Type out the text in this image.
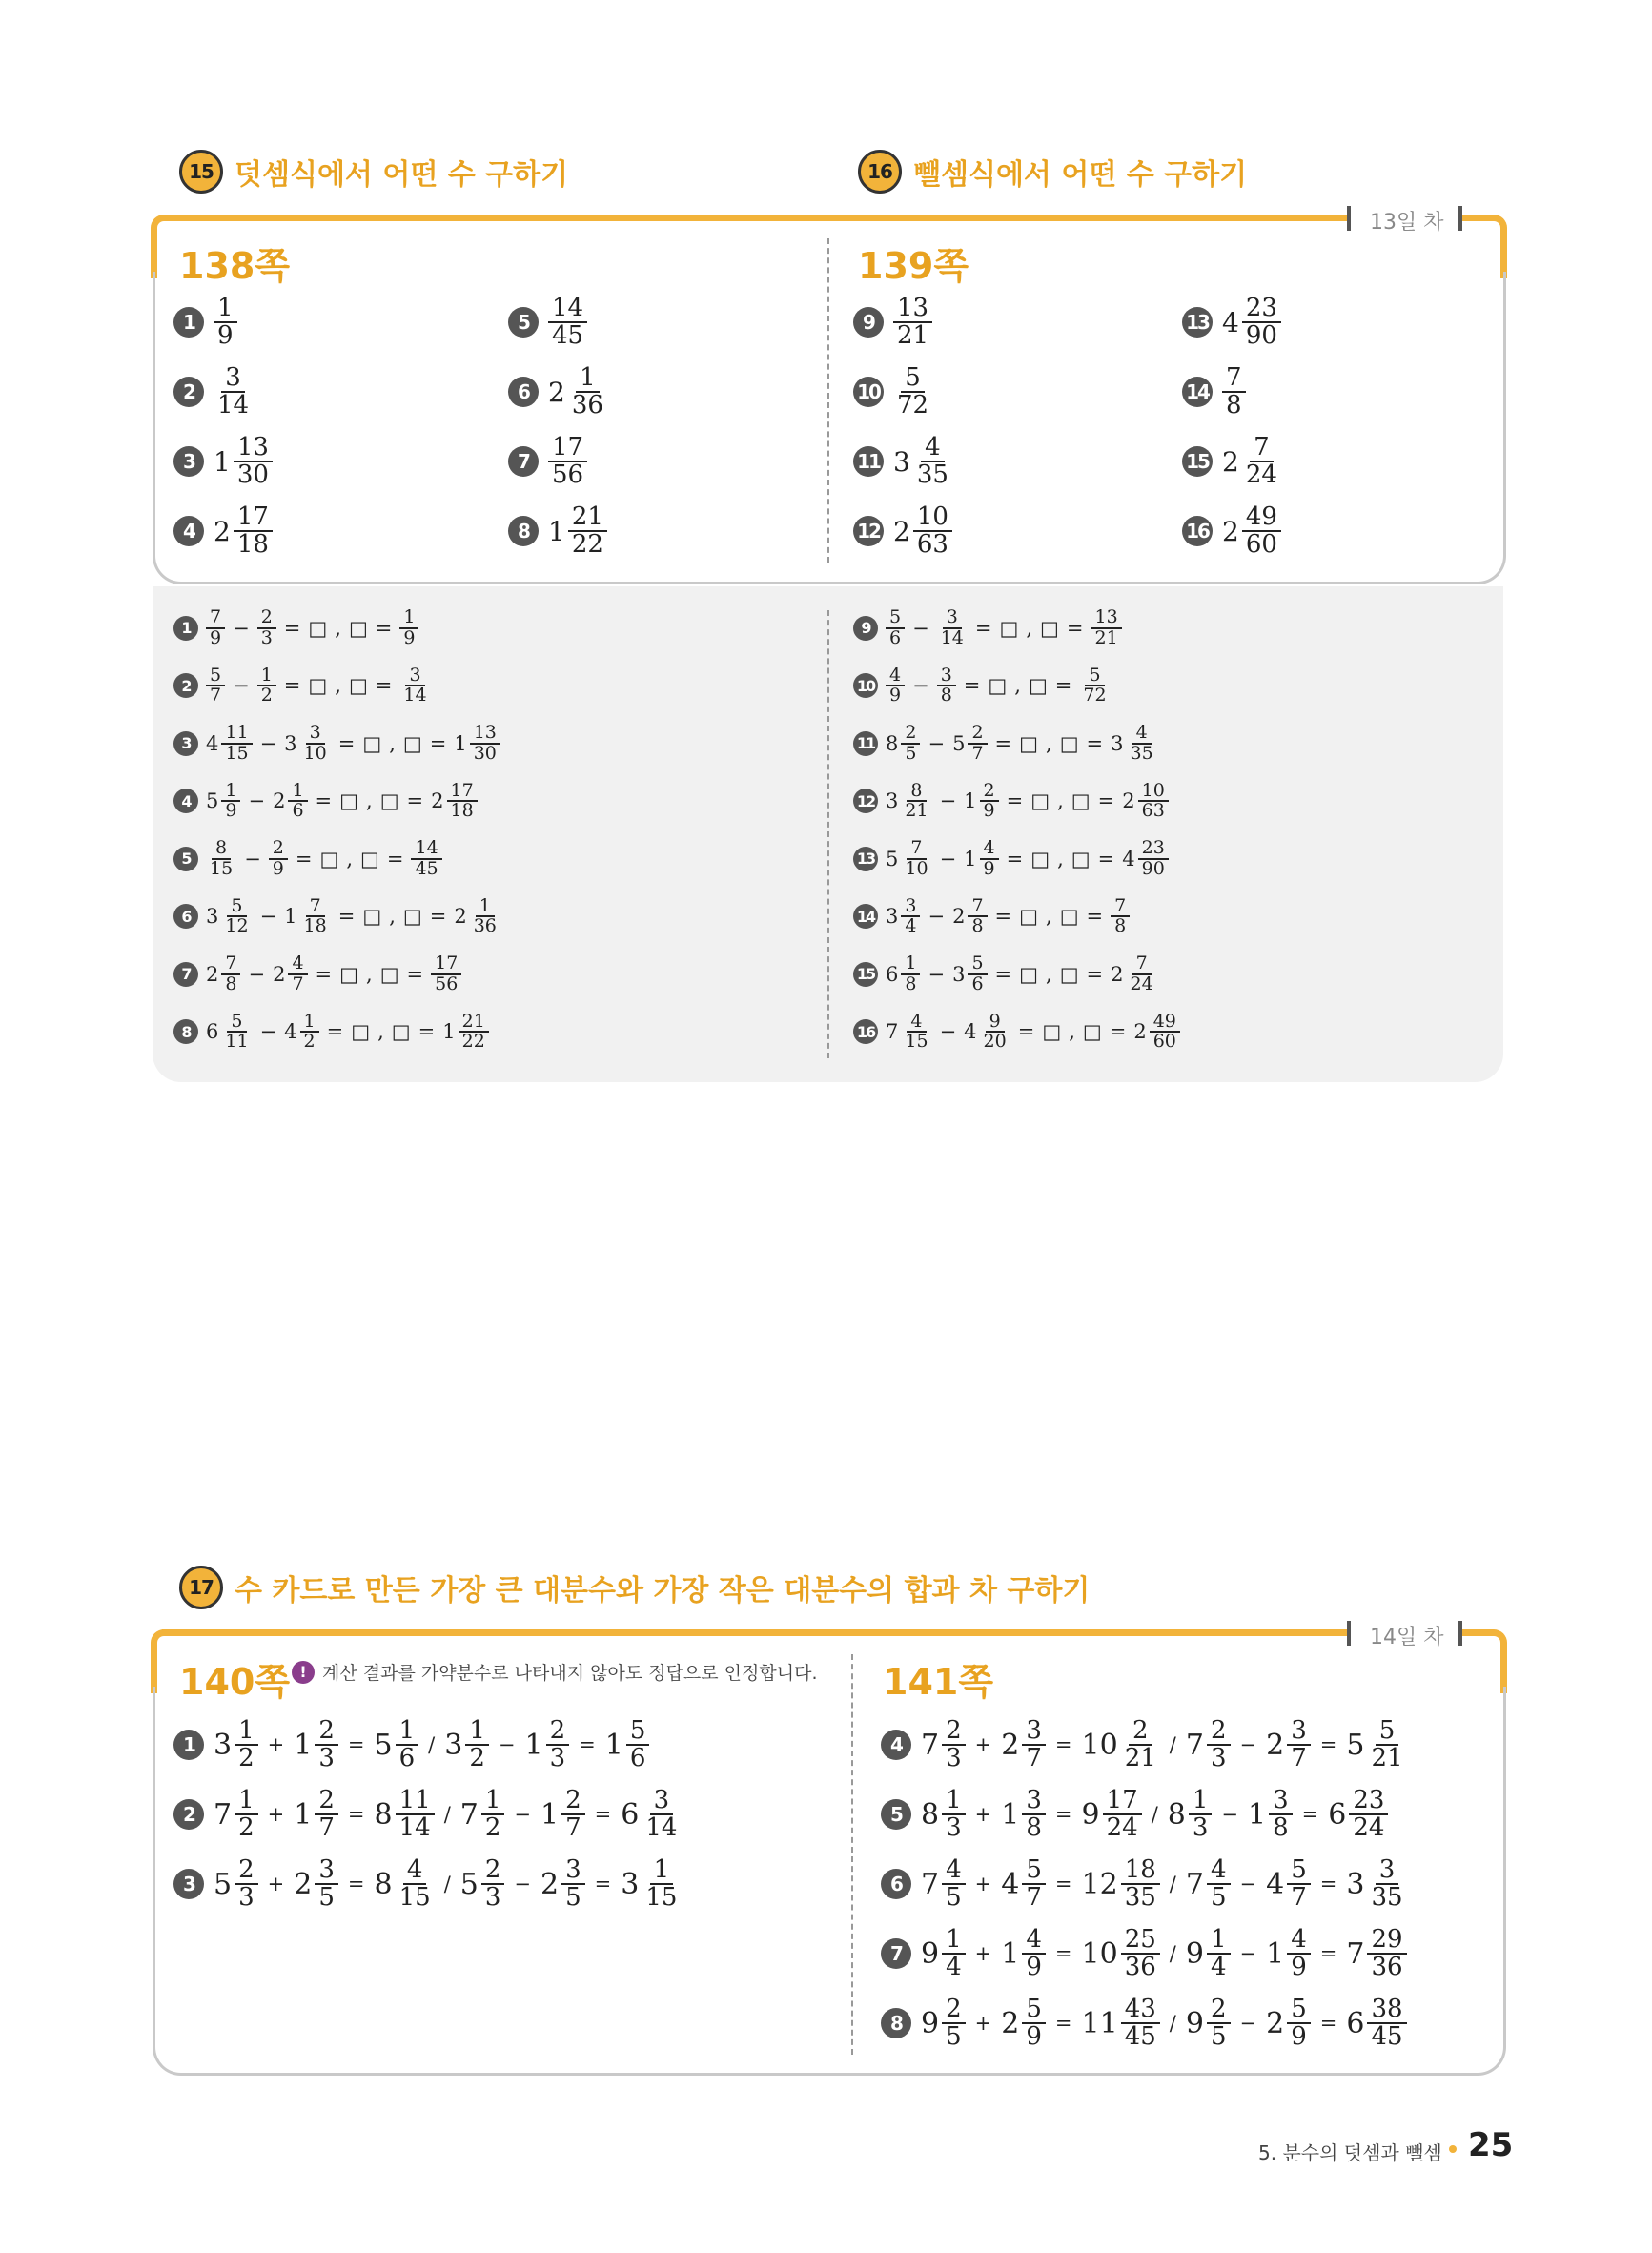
15 덧셈식에서 어떤 수 구하기	16 뺄셈식에서 어떤 수 구하기
13일 차
138쪽	139쪽
$1 \frac{1}{9}$
$2 \frac{3}{14}$
3 $1 \frac{13}{30}$
4 $2 \frac{17}{18}$
$5 \frac{14}{45}$
6 $2 \frac{1}{36}$
$7 \frac{17}{56}$
8 $1 \frac{21}{22}$
$9 \frac{13}{21}$
$10 \frac{5}{72}$
11 $3 \frac{4}{35}$
12 $2 \frac{10}{63}$
13 $4 \frac{23}{90}$
$14 \frac{7}{8}$
15 $2 \frac{7}{24}$
16 $2 \frac{49}{60}$
$1 \frac{7}{9} - \frac{2}{3}$ = □ , □ = $\frac{1}{9}$
$2 \frac{5}{7} - \frac{1}{2}$ = □ , □ = $\frac{3}{14}$
3 $4 \frac{11}{15} - 3 \frac{3}{10}$ = □ , □ = $1 \frac{13}{30}$
4 $5 \frac{1}{9} - 2 \frac{1}{6}$ = □ , □ = $2 \frac{17}{18}$
$5 \frac{8}{15} - \frac{2}{9}$ = □ , □ = $\frac{14}{45}$
6 $3 \frac{5}{12} - 1 \frac{7}{18}$ = □ , □ = $2 \frac{1}{36}$
7 $2 \frac{7}{8} - 2 \frac{4}{7}$ = □ , □ = $\frac{17}{56}$
8 $6 \frac{5}{11} - 4 \frac{1}{2}$ = □ , □ = $1 \frac{21}{22}$
$9 \frac{5}{6} - \frac{3}{14}$ = □ , □ = $\frac{13}{21}$
$10 \frac{4}{9} - \frac{3}{8}$ = □ , □ = $\frac{5}{72}$
11 $8 \frac{2}{5} - 5 \frac{2}{7}$ = □ , □ = $3 \frac{4}{35}$
12 $3 \frac{8}{21} - 1 \frac{2}{9}$ = □ , □ = $2 \frac{10}{63}$
13 $5 \frac{7}{10} - 1 \frac{4}{9}$ = □ , □ = $4 \frac{23}{90}$
14 $3 \frac{3}{4} - 2 \frac{7}{8}$ = □ , □ = $\frac{7}{8}$
15 $6 \frac{1}{8} - 3 \frac{5}{6}$ = □ , □ = $2 \frac{7}{24}$
16 $7 \frac{4}{15} - 4 \frac{9}{20}$ = □ , □ = $2 \frac{49}{60}$
17 수 카드로 만든 가장 큰 대분수와 가장 작은 대분수의 합과 차 구하기
14일 차
140쪽 ! 계산 결과를 가약분수로 나타내지 않아도 정답으로 인정합니다. 141쪽
1 $3 \frac{1}{2} + 1 \frac{2}{3} = 5 \frac{1}{6} / 3 \frac{1}{2} - 1 \frac{2}{3} = 1 \frac{5}{6}$
2 $7 \frac{1}{2} + 1 \frac{2}{7} = 8 \frac{11}{14} / 7 \frac{1}{2} - 1 \frac{2}{7} = 6 \frac{3}{14}$
3 $5 \frac{2}{3} + 2 \frac{3}{5} = 8 \frac{4}{15} / 5 \frac{2}{3} - 2 \frac{3}{5} = 3 \frac{1}{15}$
4 $7 \frac{2}{3} + 2 \frac{3}{7} = 10 \frac{2}{21} / 7 \frac{2}{3} - 2 \frac{3}{7} = 5 \frac{5}{21}$
5 $8 \frac{1}{3} + 1 \frac{3}{8} = 9 \frac{17}{24} / 8 \frac{1}{3} - 1 \frac{3}{8} = 6 \frac{23}{24}$
6 $7 \frac{4}{5} + 4 \frac{5}{7} = 12 \frac{18}{35} / 7 \frac{4}{5} - 4 \frac{5}{7} = 3 \frac{3}{35}$
7 $9 \frac{1}{4} + 1 \frac{4}{9} = 10 \frac{25}{36} / 9 \frac{1}{4} - 1 \frac{4}{9} = 7 \frac{29}{36}$
8 $9 \frac{2}{5} + 2 \frac{5}{9} = 11 \frac{43}{45} / 9 \frac{2}{5} - 2 \frac{5}{9} = 6 \frac{38}{45}$
5. 분수의 덧셈과 뺄셈 25
